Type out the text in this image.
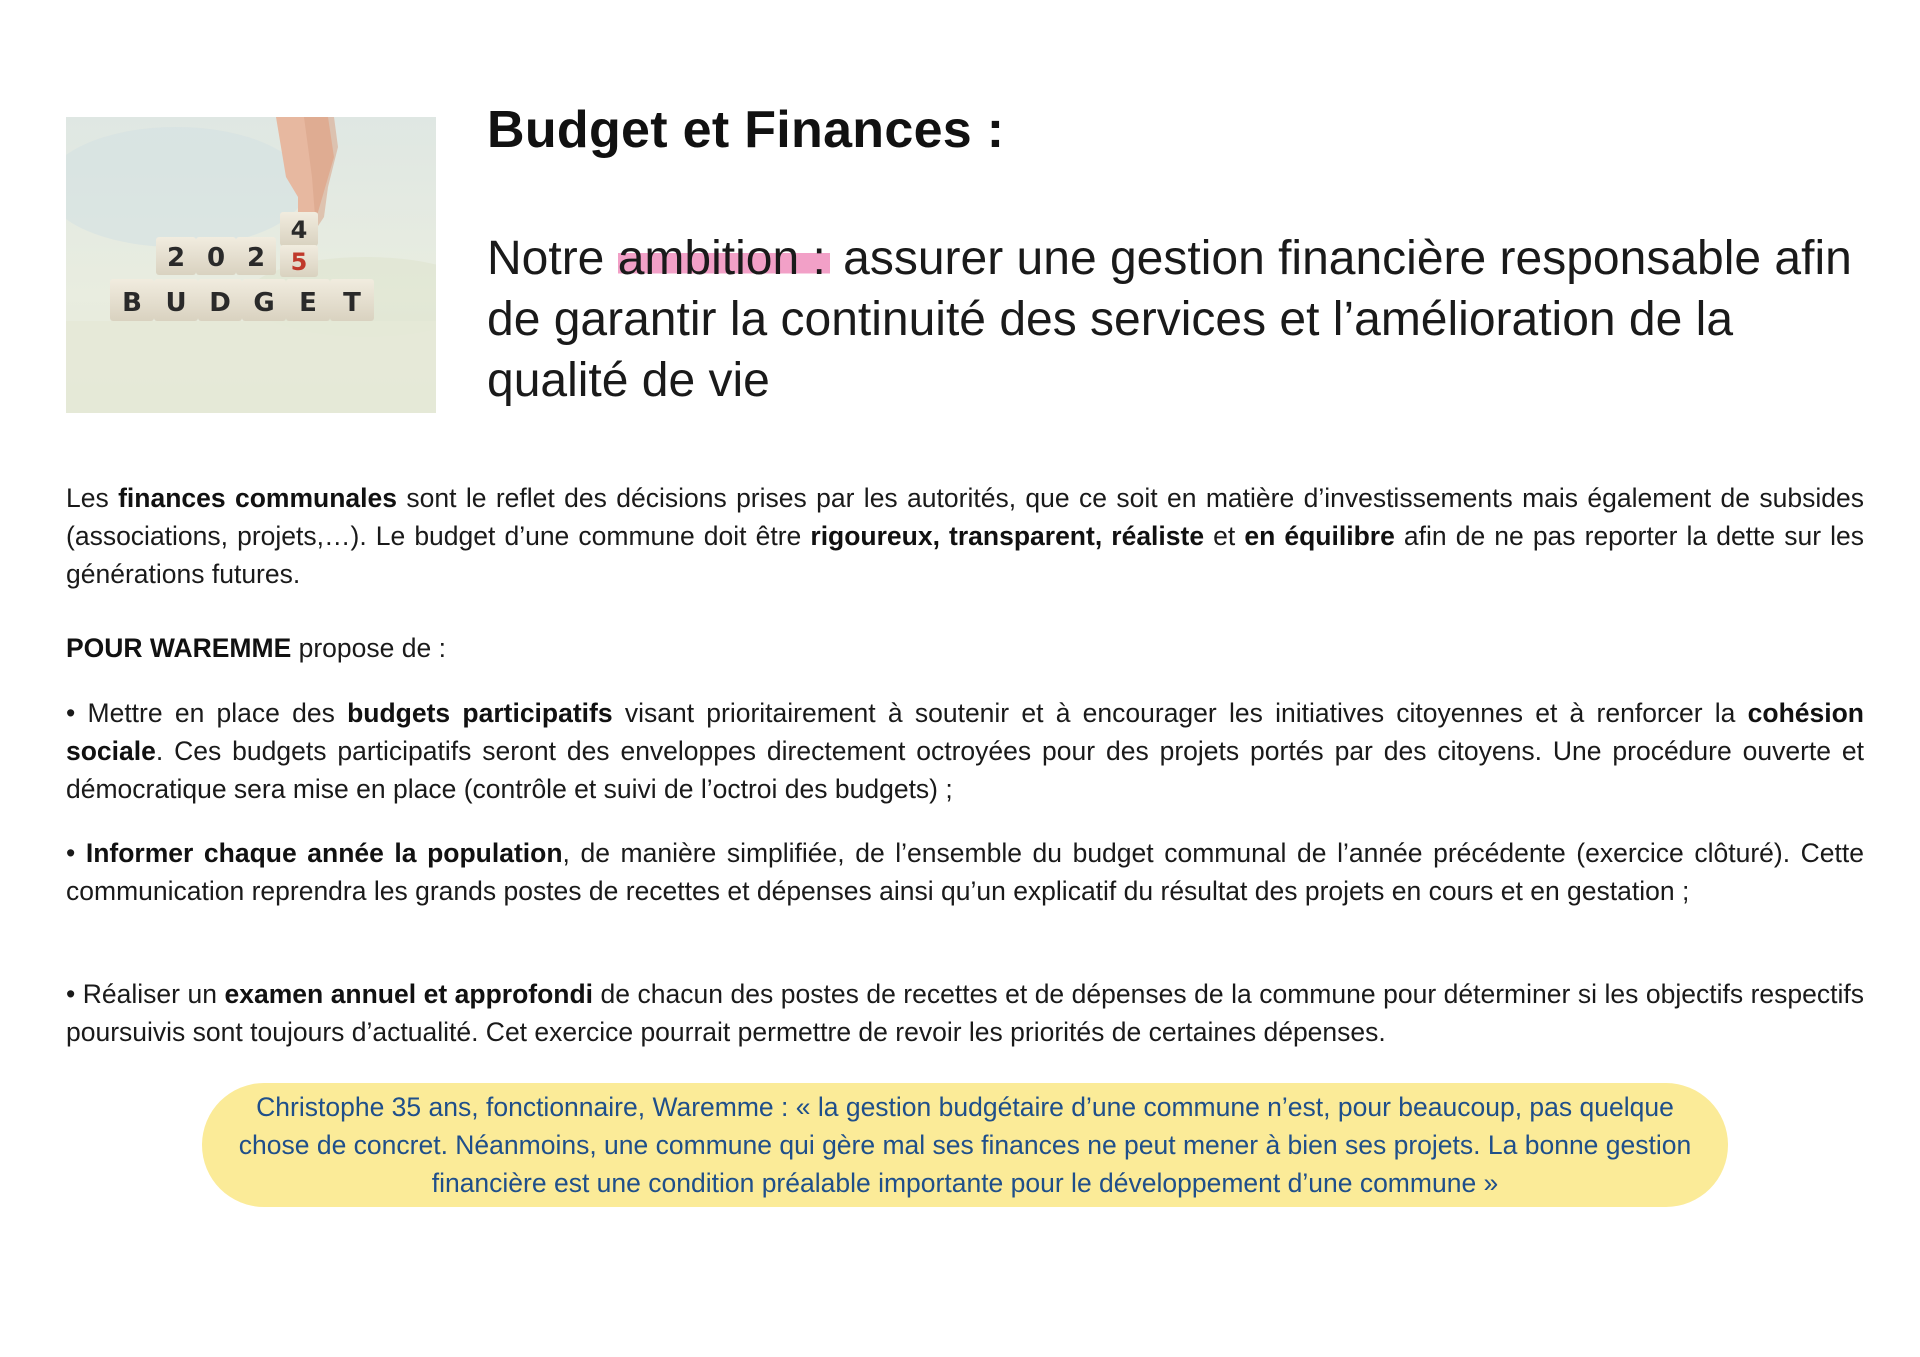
2 0 2
4
5
B U D G E T
Budget et Finances :

Notre ambition : assurer une gestion financière responsable afin de garantir la continuité des services et l’amélioration de la qualité de vie

Les finances communales sont le reflet des décisions prises par les autorités, que ce soit en matière d’investissements mais également de subsides (associations, projets,…). Le budget d’une commune doit être rigoureux, transparent, réaliste et en équilibre afin de ne pas reporter la dette sur les générations futures.

POUR WAREMME propose de :

• Mettre en place des budgets participatifs visant prioritairement à soutenir et à encourager les initiatives citoyennes et à renforcer la cohésion sociale. Ces budgets participatifs seront des enveloppes directement octroyées pour des projets portés par des citoyens. Une procédure ouverte et démocratique sera mise en place (contrôle et suivi de l’octroi des budgets) ;

• Informer chaque année la population, de manière simplifiée, de l’ensemble du budget communal de l’année précédente (exercice clôturé). Cette communication reprendra les grands postes de recettes et dépenses ainsi qu’un explicatif du résultat des projets en cours et en gestation ;

• Réaliser un examen annuel et approfondi de chacun des postes de recettes et de dépenses de la commune pour déterminer si les objectifs respectifs poursuivis sont toujours d’actualité. Cet exercice pourrait permettre de revoir les priorités de certaines dépenses.

Christophe 35 ans, fonctionnaire, Waremme : « la gestion budgétaire d’une commune n’est, pour beaucoup, pas quelque chose de concret. Néanmoins, une commune qui gère mal ses finances ne peut mener à bien ses projets. La bonne gestion financière est une condition préalable importante pour le développement d’une commune »
